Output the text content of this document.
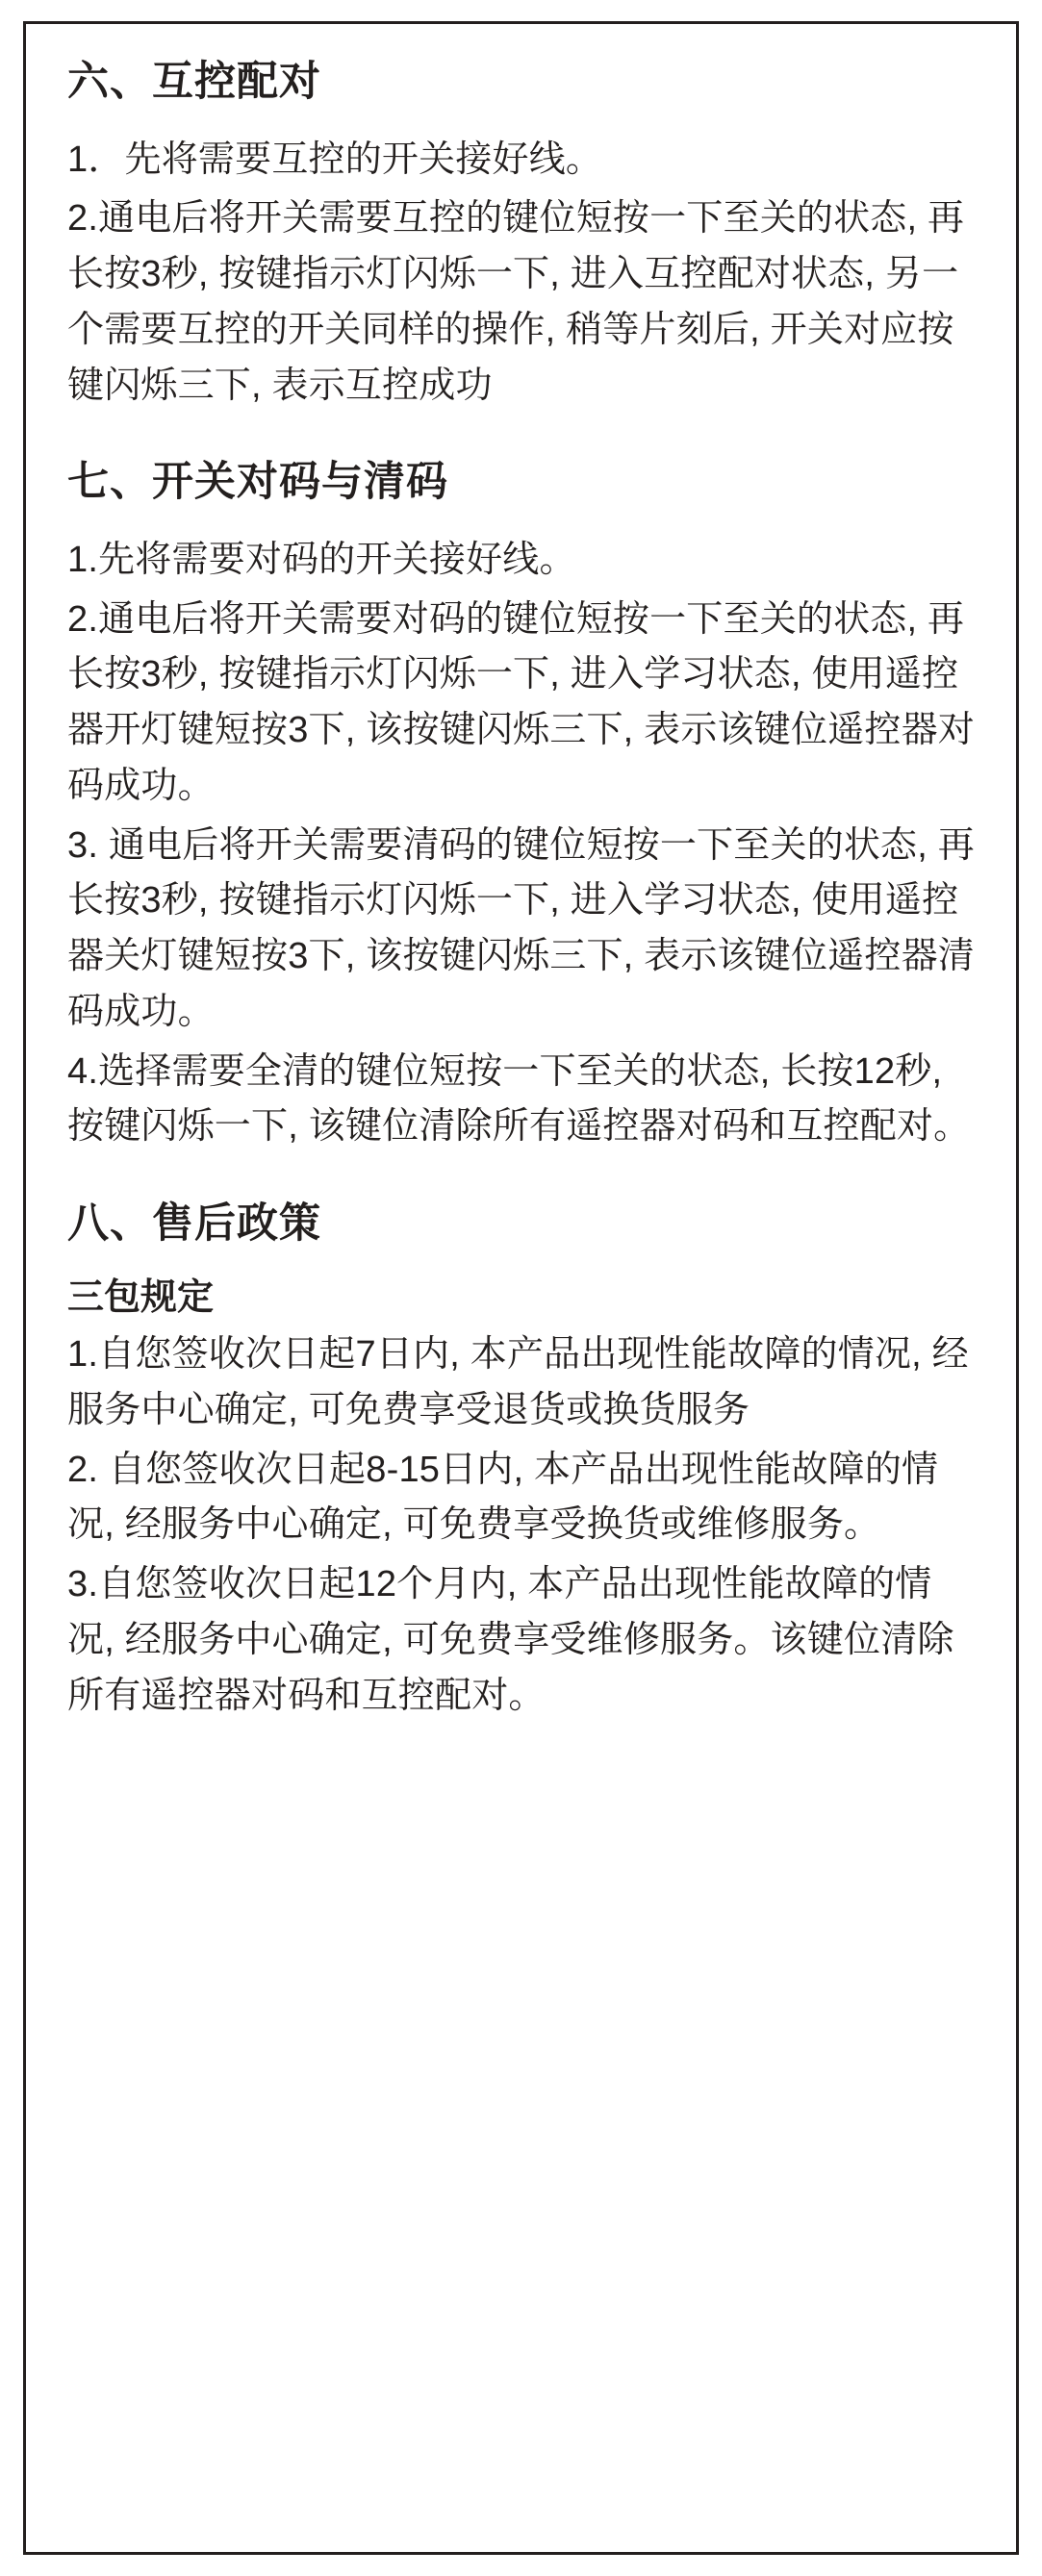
六、互控配对

1．先将需要互控的开关接好线。

2.通电后将开关需要互控的键位短按一下至关的状态, 再长按3秒, 按键指示灯闪烁一下, 进入互控配对状态, 另一个需要互控的开关同样的操作, 稍等片刻后, 开关对应按键闪烁三下, 表示互控成功

七、开关对码与清码

1.先将需要对码的开关接好线。

2.通电后将开关需要对码的键位短按一下至关的状态, 再长按3秒, 按键指示灯闪烁一下, 进入学习状态, 使用遥控器开灯键短按3下, 该按键闪烁三下, 表示该键位遥控器对码成功。

3. 通电后将开关需要清码的键位短按一下至关的状态, 再长按3秒, 按键指示灯闪烁一下, 进入学习状态, 使用遥控器关灯键短按3下, 该按键闪烁三下, 表示该键位遥控器清码成功。

4.选择需要全清的键位短按一下至关的状态, 长按12秒, 按键闪烁一下, 该键位清除所有遥控器对码和互控配对。

八、售后政策
三包规定

1.自您签收次日起7日内, 本产品出现性能故障的情况, 经服务中心确定, 可免费享受退货或换货服务

2. 自您签收次日起8-15日内, 本产品出现性能故障的情况, 经服务中心确定, 可免费享受换货或维修服务。

3.自您签收次日起12个月内, 本产品出现性能故障的情况, 经服务中心确定, 可免费享受维修服务。该键位清除所有遥控器对码和互控配对。
